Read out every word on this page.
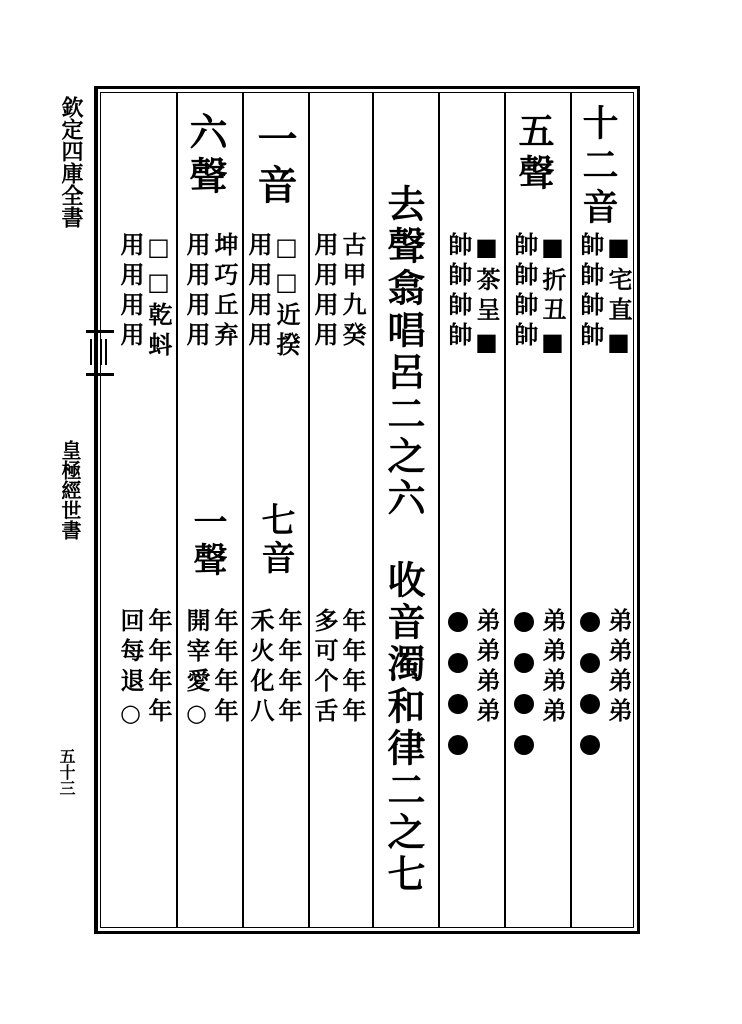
欽定四庫全書
皇極經世書
五十三
十二音
■宅直■
帥帥帥帥
弟弟弟弟
五聲
■折丑■
帥帥帥帥
弟弟弟弟
■茶呈■
帥帥帥帥
弟弟弟弟
去聲翕唱呂二之六
收音濁和律二之七
古甲九癸
用用用用
年年年年
多可个舌
一音
□□近揆
用用用用
七音
年年年年
禾火化八
六聲
坤巧丘弃
用用用用
一聲
年年年年
開宰愛○
□□乾蚪
用用用用
年年年年
回每退○
